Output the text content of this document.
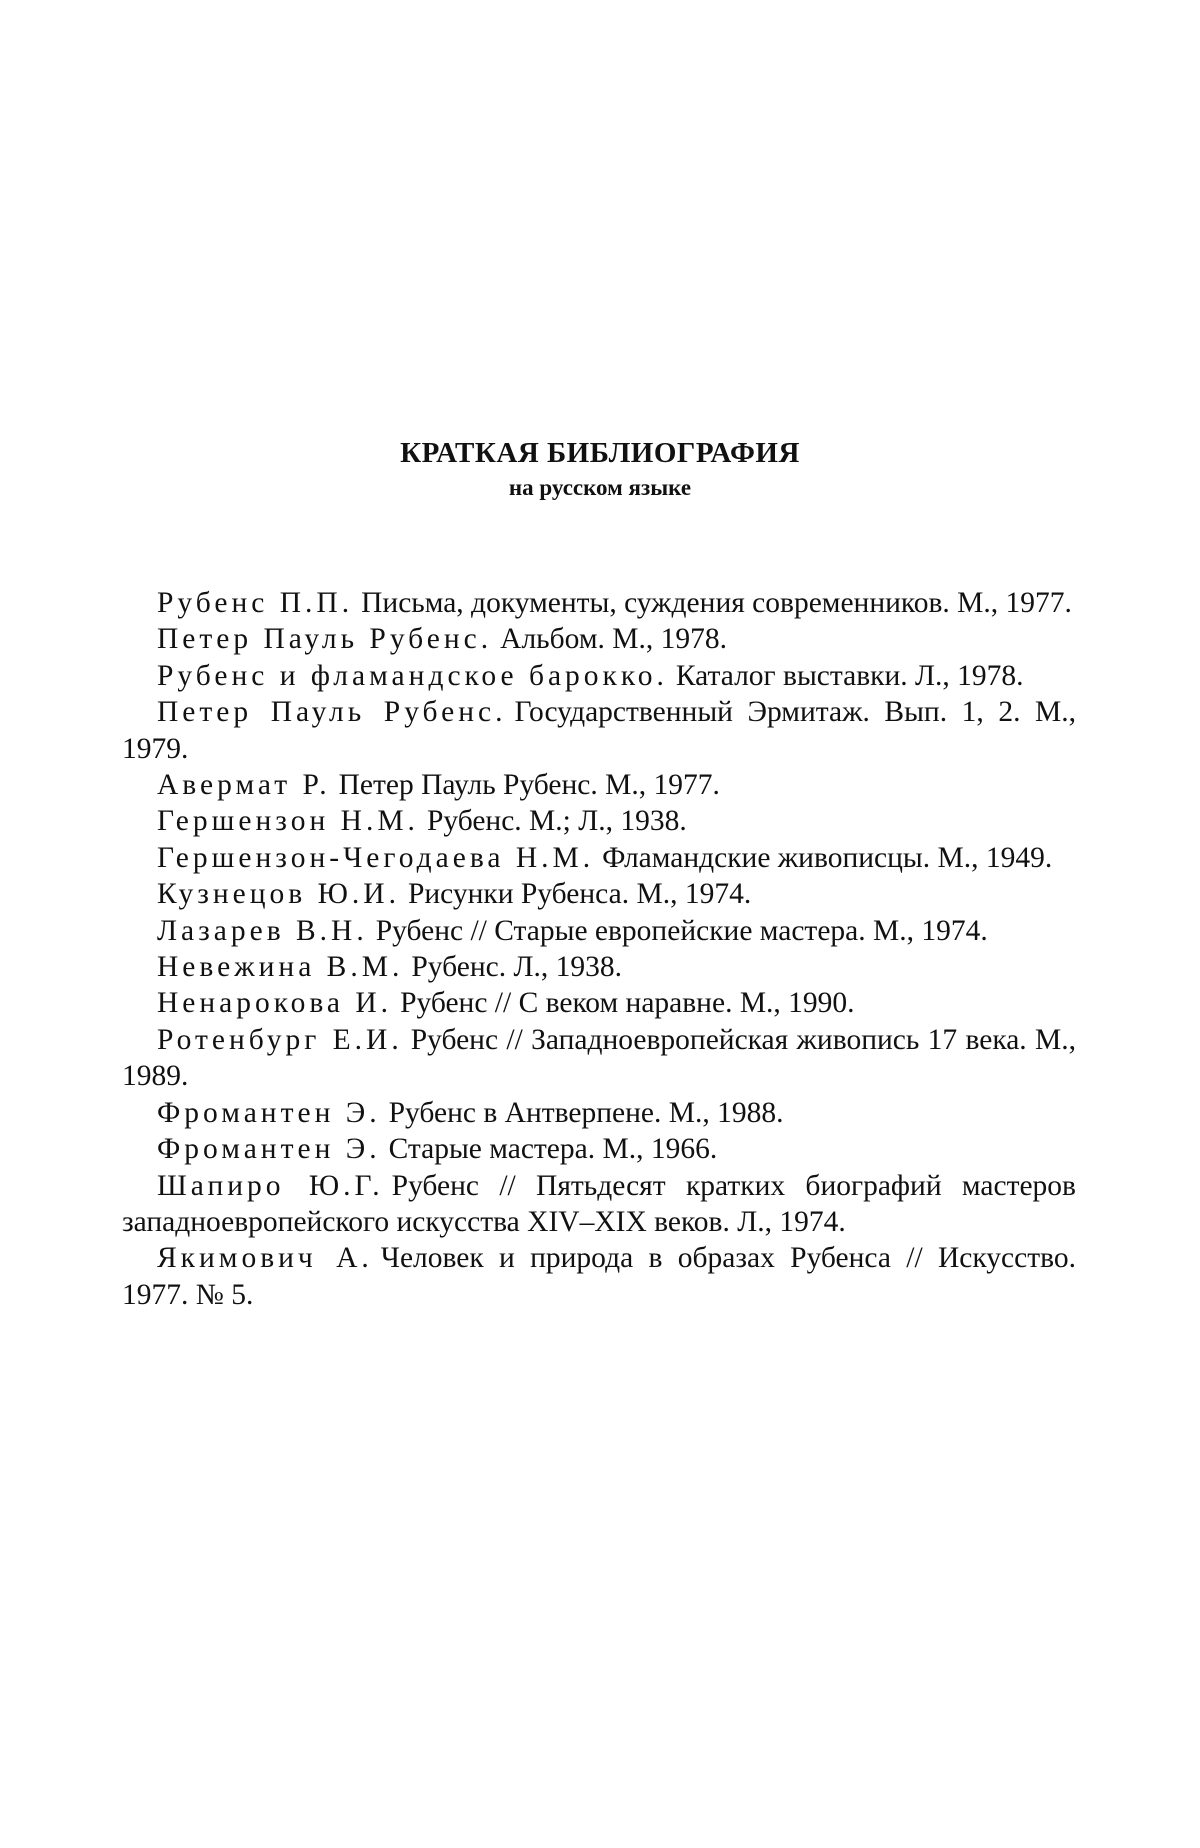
КРАТКАЯ БИБЛИОГРАФИЯ
на русском языке

Рубенс П.П. Письма, документы, суждения современников. М., 1977.

Петер Пауль Рубенс. Альбом. М., 1978.

Рубенс и фламандское барокко. Каталог выставки. Л., 1978.

Петер Пауль Рубенс. Государственный Эрмитаж. Вып. 1, 2. М., 1979.

Авермат Р. Петер Пауль Рубенс. М., 1977.

Гершензон Н.М. Рубенс. М.; Л., 1938.

Гершензон-Чегодаева Н.М. Фламандские живописцы. М., 1949.

Кузнецов Ю.И. Рисунки Рубенса. М., 1974.

Лазарев В.Н. Рубенс // Старые европейские мастера. М., 1974.

Невежина В.М. Рубенс. Л., 1938.

Ненарокова И. Рубенс // С веком наравне. М., 1990.

Ротенбург Е.И. Рубенс // Западноевропейская живопись 17 века. М., 1989.

Фромантен Э. Рубенс в Антверпене. М., 1988.

Фромантен Э. Старые мастера. М., 1966.

Шапиро Ю.Г. Рубенс // Пятьдесят кратких биографий мастеров западноевропейского искусства XIV–XIX веков. Л., 1974.

Якимович А. Человек и природа в образах Рубенса // Искусство. 1977. № 5.
